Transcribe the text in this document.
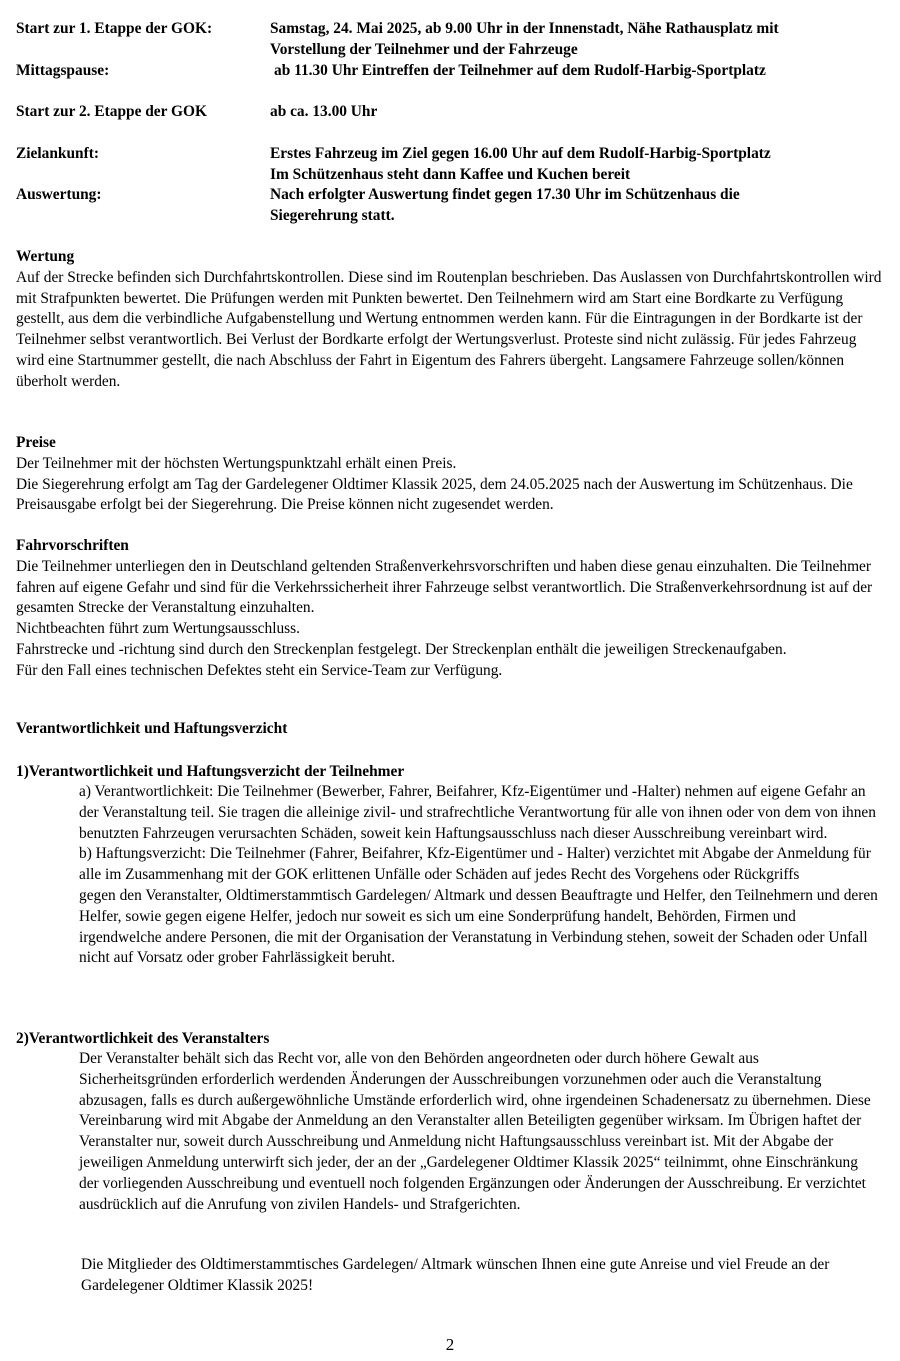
Start zur 1. Etappe der GOK:	Samstag, 24. Mai 2025, ab 9.00 Uhr in der Innenstadt, Nähe Rathausplatz mit
Vorstellung der Teilnehmer und der Fahrzeuge
Mittagspause:	ab 11.30 Uhr Eintreffen der Teilnehmer auf dem Rudolf-Harbig-Sportplatz
Start zur 2. Etappe der GOK	ab ca. 13.00 Uhr
Zielankunft:	Erstes Fahrzeug im Ziel gegen 16.00 Uhr auf dem Rudolf-Harbig-Sportplatz
Im Schützenhaus steht dann Kaffee und Kuchen bereit
Auswertung:	Nach erfolgter Auswertung findet gegen 17.30 Uhr im Schützenhaus die
Siegerehrung statt.

Wertung

Auf der Strecke befinden sich Durchfahrtskontrollen. Diese sind im Routenplan beschrieben. Das Auslassen von Durchfahrtskontrollen wird mit Strafpunkten bewertet. Die Prüfungen werden mit Punkten bewertet. Den Teilnehmern wird am Start eine Bordkarte zu Verfügung gestellt, aus dem die verbindliche Aufgabenstellung und Wertung entnommen werden kann. Für die Eintragungen in der Bordkarte ist der Teilnehmer selbst verantwortlich. Bei Verlust der Bordkarte erfolgt der Wertungsverlust. Proteste sind nicht zulässig. Für jedes Fahrzeug wird eine Startnummer gestellt, die nach Abschluss der Fahrt in Eigentum des Fahrers übergeht. Langsamere Fahrzeuge sollen/können überholt werden.

Preise

Der Teilnehmer mit der höchsten Wertungspunktzahl erhält einen Preis.

Die Siegerehrung erfolgt am Tag der Gardelegener Oldtimer Klassik 2025, dem 24.05.2025 nach der Auswertung im Schützenhaus. Die Preisausgabe erfolgt bei der Siegerehrung. Die Preise können nicht zugesendet werden.

Fahrvorschriften

Die Teilnehmer unterliegen den in Deutschland geltenden Straßenverkehrsvorschriften und haben diese genau einzuhalten. Die Teilnehmer fahren auf eigene Gefahr und sind für die Verkehrssicherheit ihrer Fahrzeuge selbst verantwortlich. Die Straßenverkehrsordnung ist auf der gesamten Strecke der Veranstaltung einzuhalten.

Nichtbeachten führt zum Wertungsausschluss.

Fahrstrecke und -richtung sind durch den Streckenplan festgelegt. Der Streckenplan enthält die jeweiligen Streckenaufgaben.

Für den Fall eines technischen Defektes steht ein Service-Team zur Verfügung.

Verantwortlichkeit und Haftungsverzicht

1)Verantwortlichkeit und Haftungsverzicht der Teilnehmer

a) Verantwortlichkeit: Die Teilnehmer (Bewerber, Fahrer, Beifahrer, Kfz-Eigentümer und -Halter) nehmen auf eigene Gefahr an der Veranstaltung teil. Sie tragen die alleinige zivil- und strafrechtliche Verantwortung für alle von ihnen oder von dem von ihnen benutzten Fahrzeugen verursachten Schäden, soweit kein Haftungsausschluss nach dieser Ausschreibung vereinbart wird.

b) Haftungsverzicht: Die Teilnehmer (Fahrer, Beifahrer, Kfz-Eigentümer und - Halter) verzichtet mit Abgabe der Anmeldung für alle im Zusammenhang mit der GOK erlittenen Unfälle oder Schäden auf jedes Recht des Vorgehens oder Rückgriffs

gegen den Veranstalter, Oldtimerstammtisch Gardelegen/ Altmark und dessen Beauftragte und Helfer, den Teilnehmern und deren Helfer, sowie gegen eigene Helfer, jedoch nur soweit es sich um eine Sonderprüfung handelt, Behörden, Firmen und irgendwelche andere Personen, die mit der Organisation der Veranstatung in Verbindung stehen, soweit der Schaden oder Unfall nicht auf Vorsatz oder grober Fahrlässigkeit beruht.

2)Verantwortlichkeit des Veranstalters

Der Veranstalter behält sich das Recht vor, alle von den Behörden angeordneten oder durch höhere Gewalt aus Sicherheitsgründen erforderlich werdenden Änderungen der Ausschreibungen vorzunehmen oder auch die Veranstaltung abzusagen, falls es durch außergewöhnliche Umstände erforderlich wird, ohne irgendeinen Schadenersatz zu übernehmen. Diese Vereinbarung wird mit Abgabe der Anmeldung an den Veranstalter allen Beteiligten gegenüber wirksam. Im Übrigen haftet der Veranstalter nur, soweit durch Ausschreibung und Anmeldung nicht Haftungsausschluss vereinbart ist. Mit der Abgabe der jeweiligen Anmeldung unterwirft sich jeder, der an der „Gardelegener Oldtimer Klassik 2025“ teilnimmt, ohne Einschränkung der vorliegenden Ausschreibung und eventuell noch folgenden Ergänzungen oder Änderungen der Ausschreibung. Er verzichtet ausdrücklich auf die Anrufung von zivilen Handels- und Strafgerichten.

Die Mitglieder des Oldtimerstammtisches Gardelegen/ Altmark wünschen Ihnen eine gute Anreise und viel Freude an der Gardelegener Oldtimer Klassik 2025!

2
